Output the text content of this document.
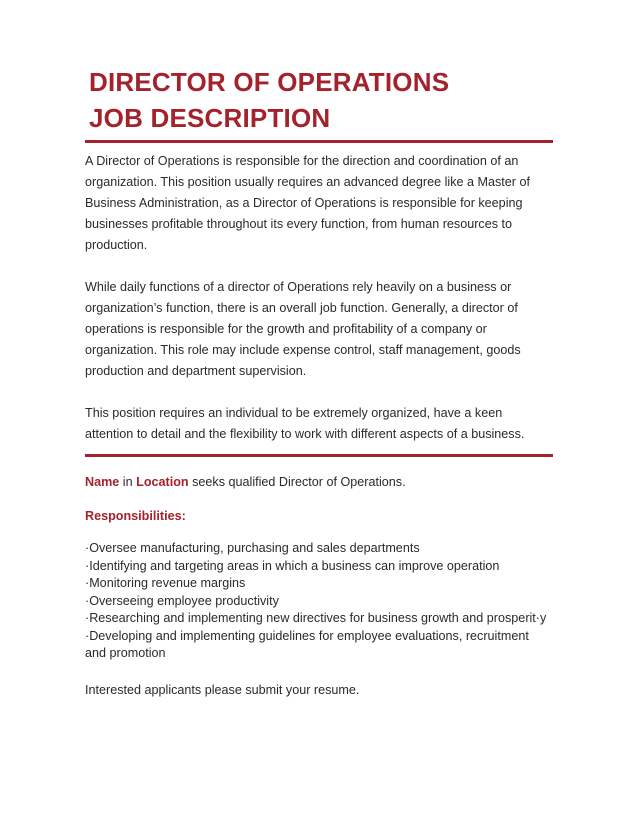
DIRECTOR OF OPERATIONS
JOB DESCRIPTION

A Director of Operations is responsible for the direction and coordination of an organization. This position usually requires an advanced degree like a Master of Business Administration, as a Director of Operations is responsible for keeping businesses profitable throughout its every function, from human resources to production.

While daily functions of a director of Operations rely heavily on a business or organization’s function, there is an overall job function. Generally, a director of operations is responsible for the growth and profitability of a company or organization. This role may include expense control, staff management, goods production and department supervision.

This position requires an individual to be extremely organized, have a keen attention to detail and the flexibility to work with different aspects of a business.

Name in Location seeks qualified Director of Operations.

Responsibilities:

·Oversee manufacturing, purchasing and sales departments
·Identifying and targeting areas in which a business can improve operation
·Monitoring revenue margins
·Overseeing employee productivity
·Researching and implementing new directives for business growth and prosperit·y
·Developing and implementing guidelines for employee evaluations, recruitment and promotion

Interested applicants please submit your resume.
